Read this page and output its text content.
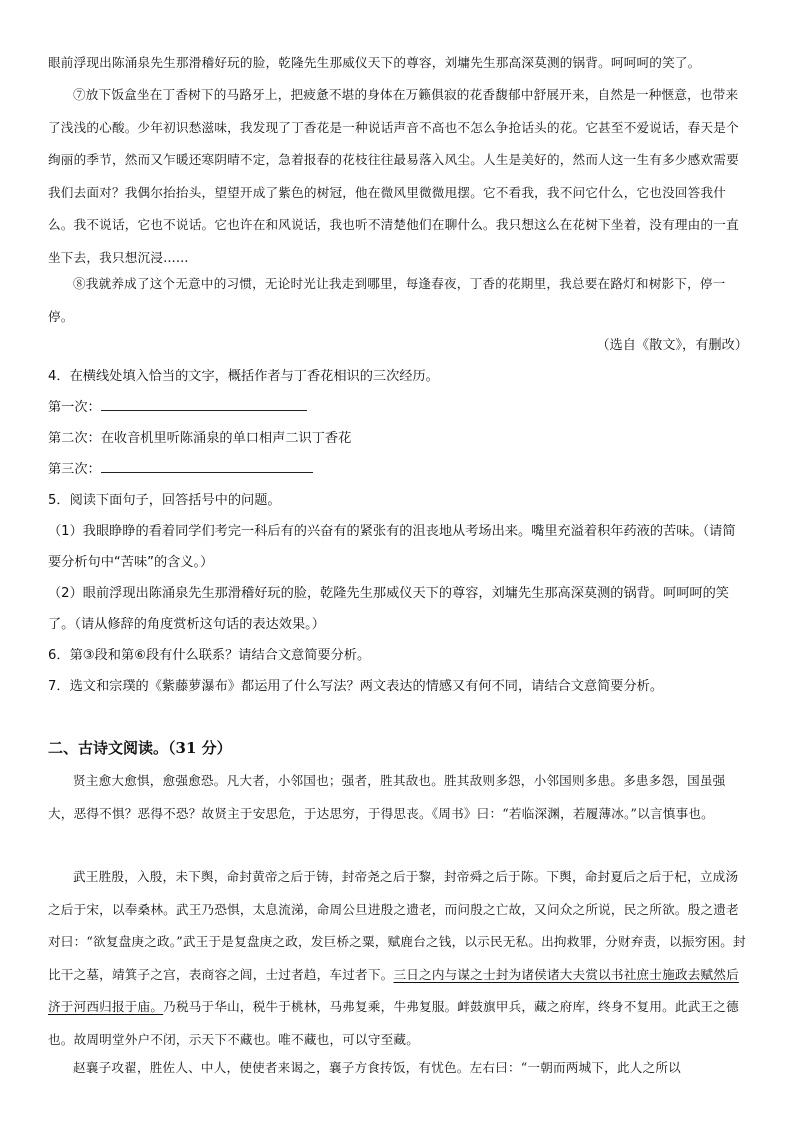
眼前浮现出陈涌泉先生那滑稽好玩的脸，乾隆先生那威仪天下的尊容，刘墉先生那高深莫测的锅背。呵呵呵的笑了。

⑦放下饭盒坐在丁香树下的马路牙上，把疲惫不堪的身体在万籁俱寂的花香馥郁中舒展开来，自然是一种惬意，也带来了浅浅的心酸。少年初识愁滋味，我发现了丁香花是一种说话声音不高也不怎么争抢话头的花。它甚至不爱说话，春天是个绚丽的季节，然而又乍暖还寒阴晴不定，急着报春的花枝往往最易落入风尘。人生是美好的，然而人这一生有多少感欢需要我们去面对？我偶尔抬抬头，望望开成了紫色的树冠，他在微风里微微甩摆。它不看我，我不问它什么，它也没回答我什么。我不说话，它也不说话。它也许在和风说话，我也听不清楚他们在聊什么。我只想这么在花树下坐着，没有理由的一直坐下去，我只想沉浸……

⑧我就养成了这个无意中的习惯，无论时光让我走到哪里，每逢春夜，丁香的花期里，我总要在路灯和树影下，停一停。

（选自《散文》，有删改）

4．在横线处填入恰当的文字，概括作者与丁香花相识的三次经历。

第一次：

第二次：在收音机里听陈涌泉的单口相声二识丁香花

第三次：

5．阅读下面句子，回答括号中的问题。

（1）我眼睁睁的看着同学们考完一科后有的兴奋有的紧张有的沮丧地从考场出来。嘴里充溢着积年药液的苦味。（请简要分析句中“苦味”的含义。）

（2）眼前浮现出陈涌泉先生那滑稽好玩的脸，乾隆先生那威仪天下的尊容，刘墉先生那高深莫测的锅背。呵呵呵的笑了。（请从修辞的角度赏析这句话的表达效果。）

6．第③段和第⑥段有什么联系？请结合文意简要分析。

7．选文和宗璞的《紫藤萝瀑布》都运用了什么写法？两文表达的情感又有何不同，请结合文意简要分析。

二、古诗文阅读。（31 分）

贤主愈大愈惧，愈强愈恐。凡大者，小邻国也；强者，胜其敌也。胜其敌则多怨，小邻国则多患。多患多怨，国虽强大，恶得不惧？恶得不恐？故贤主于安思危，于达思穷，于得思丧。《周书》曰：“若临深渊，若履薄冰。”以言慎事也。

武王胜殷，入殷，未下舆，命封黄帝之后于铸，封帝尧之后于黎，封帝舜之后于陈。下舆，命封夏后之后于杞，立成汤之后于宋，以奉桑林。武王乃恐惧，太息流涕，命周公旦进殷之遗老，而问殷之亡故，又问众之所说，民之所欲。殷之遗老对曰：“欲复盘庚之政。”武王于是复盘庚之政，发巨桥之粟，赋鹿台之钱，以示民无私。出拘救罪，分财弃责，以振穷困。封比干之墓，靖箕子之宫，表商容之闾，士过者趋，车过者下。三日之内与谋之士封为诸侯诸大夫赏以书社庶士施政去赋然后济于河西归报于庙。乃税马于华山，税牛于桃林，马弗复乘，牛弗复服。衅鼓旗甲兵，藏之府库，终身不复用。此武王之德也。故周明堂外户不闭，示天下不藏也。唯不藏也，可以守至藏。

赵襄子攻翟，胜佐人、中人，使使者来谒之，襄子方食抟饭，有忧色。左右曰：“一朝而两城下，此人之所以
